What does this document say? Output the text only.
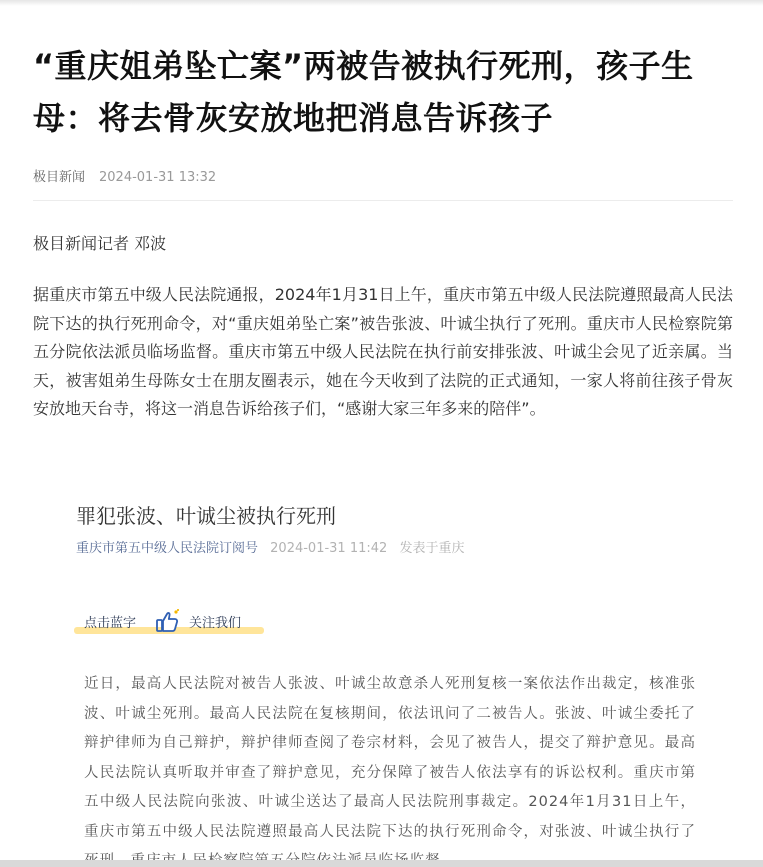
“重庆姐弟坠亡案”两被告被执行死刑，孩子生母：将去骨灰安放地把消息告诉孩子
极目新闻 2024-01-31 13:32
极目新闻记者 邓波
据重庆市第五中级人民法院通报，2024年1月31日上午，重庆市第五中级人民法院遵照最高人民法院下达的执行死刑命令，对“重庆姐弟坠亡案”被告张波、叶诚尘执行了死刑。重庆市人民检察院第五分院依法派员临场监督。重庆市第五中级人民法院在执行前安排张波、叶诚尘会见了近亲属。当天，被害姐弟生母陈女士在朋友圈表示，她在今天收到了法院的正式通知，一家人将前往孩子骨灰安放地天台寺，将这一消息告诉给孩子们，“感谢大家三年多来的陪伴”。
罪犯张波、叶诚尘被执行死刑
重庆市第五中级人民法院订阅号 2024-01-31 11:42 发表于重庆
点击蓝字	关注我们
近日，最高人民法院对被告人张波、叶诚尘故意杀人死刑复核一案依法作出裁定，核准张波、叶诚尘死刑。最高人民法院在复核期间，依法讯问了二被告人。张波、叶诚尘委托了辩护律师为自己辩护，辩护律师查阅了卷宗材料，会见了被告人，提交了辩护意见。最高人民法院认真听取并审查了辩护意见，充分保障了被告人依法享有的诉讼权利。重庆市第五中级人民法院向张波、叶诚尘送达了最高人民法院刑事裁定。2024年1月31日上午，重庆市第五中级人民法院遵照最高人民法院下达的执行死刑命令，对张波、叶诚尘执行了
